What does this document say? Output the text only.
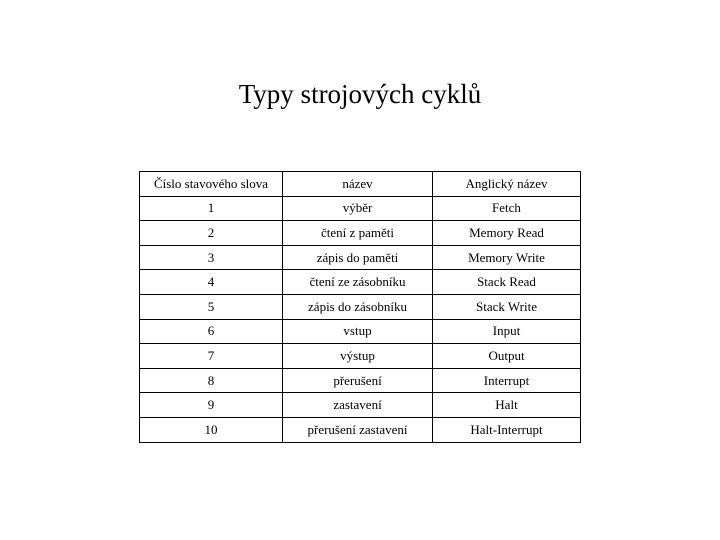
Typy strojových cyklů
Číslo stavového slova	název	Anglický název
1	výběr	Fetch
2	čtení z paměti	Memory Read
3	zápis do paměti	Memory Write
4	čtení ze zásobníku	Stack Read
5	zápis do zásobníku	Stack Write
6	vstup	Input
7	výstup	Output
8	přerušení	Interrupt
9	zastavení	Halt
10	přerušení zastavení	Halt-Interrupt
